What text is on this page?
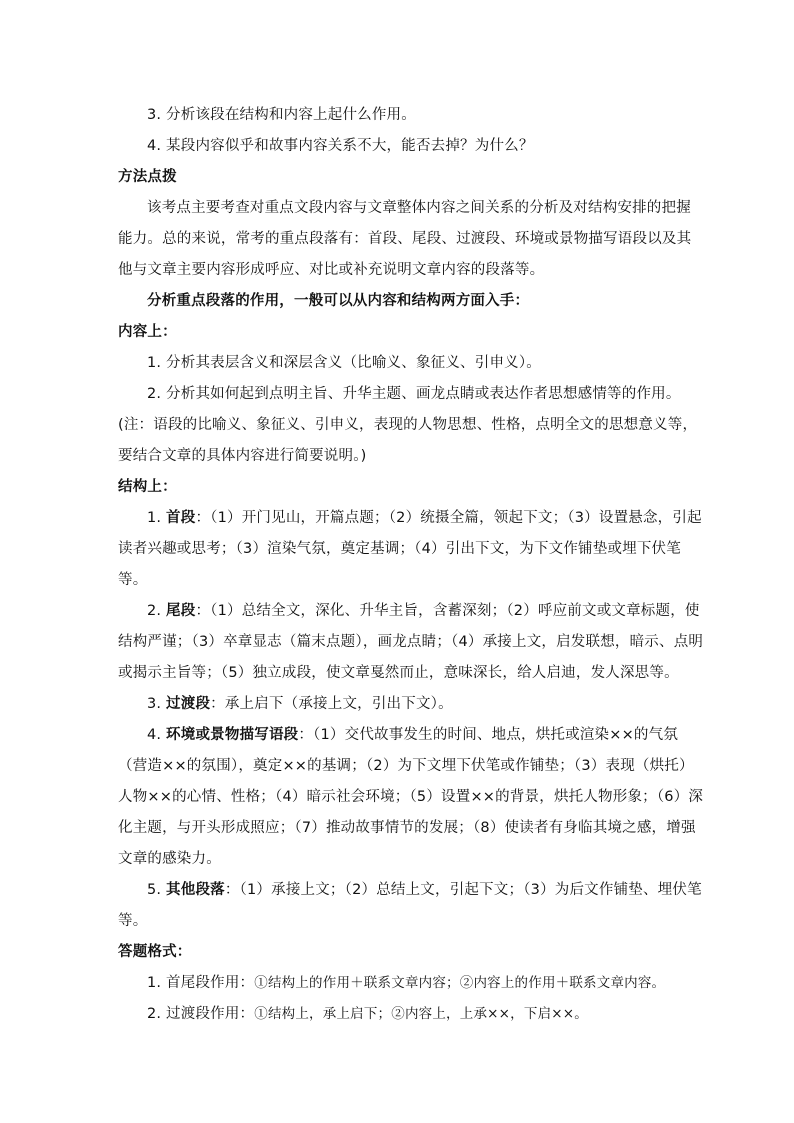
3. 分析该段在结构和内容上起什么作用。

4. 某段内容似乎和故事内容关系不大，能否去掉？为什么？

方法点拨

该考点主要考查对重点文段内容与文章整体内容之间关系的分析及对结构安排的把握能力。总的来说，常考的重点段落有：首段、尾段、过渡段、环境或景物描写语段以及其他与文章主要内容形成呼应、对比或补充说明文章内容的段落等。

分析重点段落的作用，一般可以从内容和结构两方面入手：

内容上：

1. 分析其表层含义和深层含义（比喻义、象征义、引申义）。

2. 分析其如何起到点明主旨、升华主题、画龙点睛或表达作者思想感情等的作用。(注：语段的比喻义、象征义、引申义，表现的人物思想、性格，点明全文的思想意义等，要结合文章的具体内容进行简要说明。)

结构上：

1. 首段：（1）开门见山，开篇点题；（2）统摄全篇，领起下文；（3）设置悬念，引起读者兴趣或思考；（3）渲染气氛，奠定基调；（4）引出下文，为下文作铺垫或埋下伏笔等。

2. 尾段：（1）总结全文，深化、升华主旨，含蓄深刻；（2）呼应前文或文章标题，使结构严谨；（3）卒章显志（篇末点题），画龙点睛；（4）承接上文，启发联想，暗示、点明或揭示主旨等；（5）独立成段，使文章戛然而止，意味深长，给人启迪，发人深思等。

3. 过渡段：承上启下（承接上文，引出下文）。

4. 环境或景物描写语段：（1）交代故事发生的时间、地点，烘托或渲染××的气氛（营造××的氛围），奠定××的基调；（2）为下文埋下伏笔或作铺垫；（3）表现（烘托）人物××的心情、性格；（4）暗示社会环境；（5）设置××的背景，烘托人物形象；（6）深化主题，与开头形成照应；（7）推动故事情节的发展；（8）使读者有身临其境之感，增强文章的感染力。

5. 其他段落：（1）承接上文；（2）总结上文，引起下文；（3）为后文作铺垫、埋伏笔等。

答题格式：

1. 首尾段作用：①结构上的作用＋联系文章内容；②内容上的作用＋联系文章内容。

2. 过渡段作用：①结构上，承上启下；②内容上，上承××，下启××。
